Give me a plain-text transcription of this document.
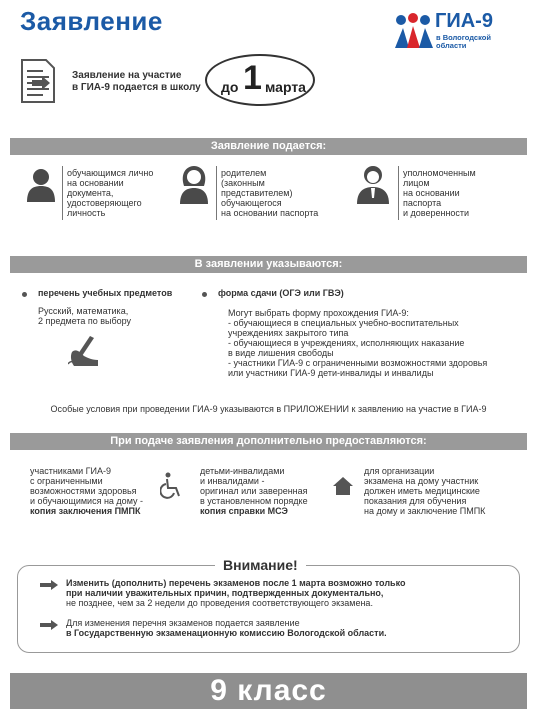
Заявление	ГИА-9
в Вологодской
области
Заявление на участие
в ГИА-9 подается в школу до 1 марта
Заявление подается:
обучающимся лично
на основании
документа,
удостоверяющего
личность
родителем
(законным
представителем)
обучающегося
на основании паспорта
уполномоченным
лицом
на основании
паспорта
и доверенности
В заявлении указываются:
перечень учебных предметов
Русский, математика,
2 предмета по выбору
форма сдачи (ОГЭ или ГВЭ)
Могут выбрать форму прохождения ГИА-9:
- обучающиеся в специальных учебно-воспитательных
учреждениях закрытого типа
- обучающиеся в учреждениях, исполняющих наказание
в виде лишения свободы
- участники ГИА-9 с ограниченными возможностями здоровья
или участники ГИА-9 дети-инвалиды и инвалиды
Особые условия при проведении ГИА-9 указываются в ПРИЛОЖЕНИИ к заявлению на участие в ГИА-9
При подаче заявления дополнительно предоставляются:
участниками ГИА-9
с ограниченными
возможностями здоровья
и обучающимися на дому -
копия заключения ПМПК
детьми-инвалидами
и инвалидами -
оригинал или заверенная
в установленном порядке
копия справки МСЭ
для организации
экзамена на дому участник
должен иметь медицинские
показания для обучения
на дому и заключение ПМПК
Внимание!
Изменить (дополнить) перечень экзаменов после 1 марта возможно только
при наличии уважительных причин, подтвержденных документально,
не позднее, чем за 2 недели до проведения соответствующего экзамена.
Для изменения перечня экзаменов подается заявление
в Государственную экзаменационную комиссию Вологодской области.
9 класс
